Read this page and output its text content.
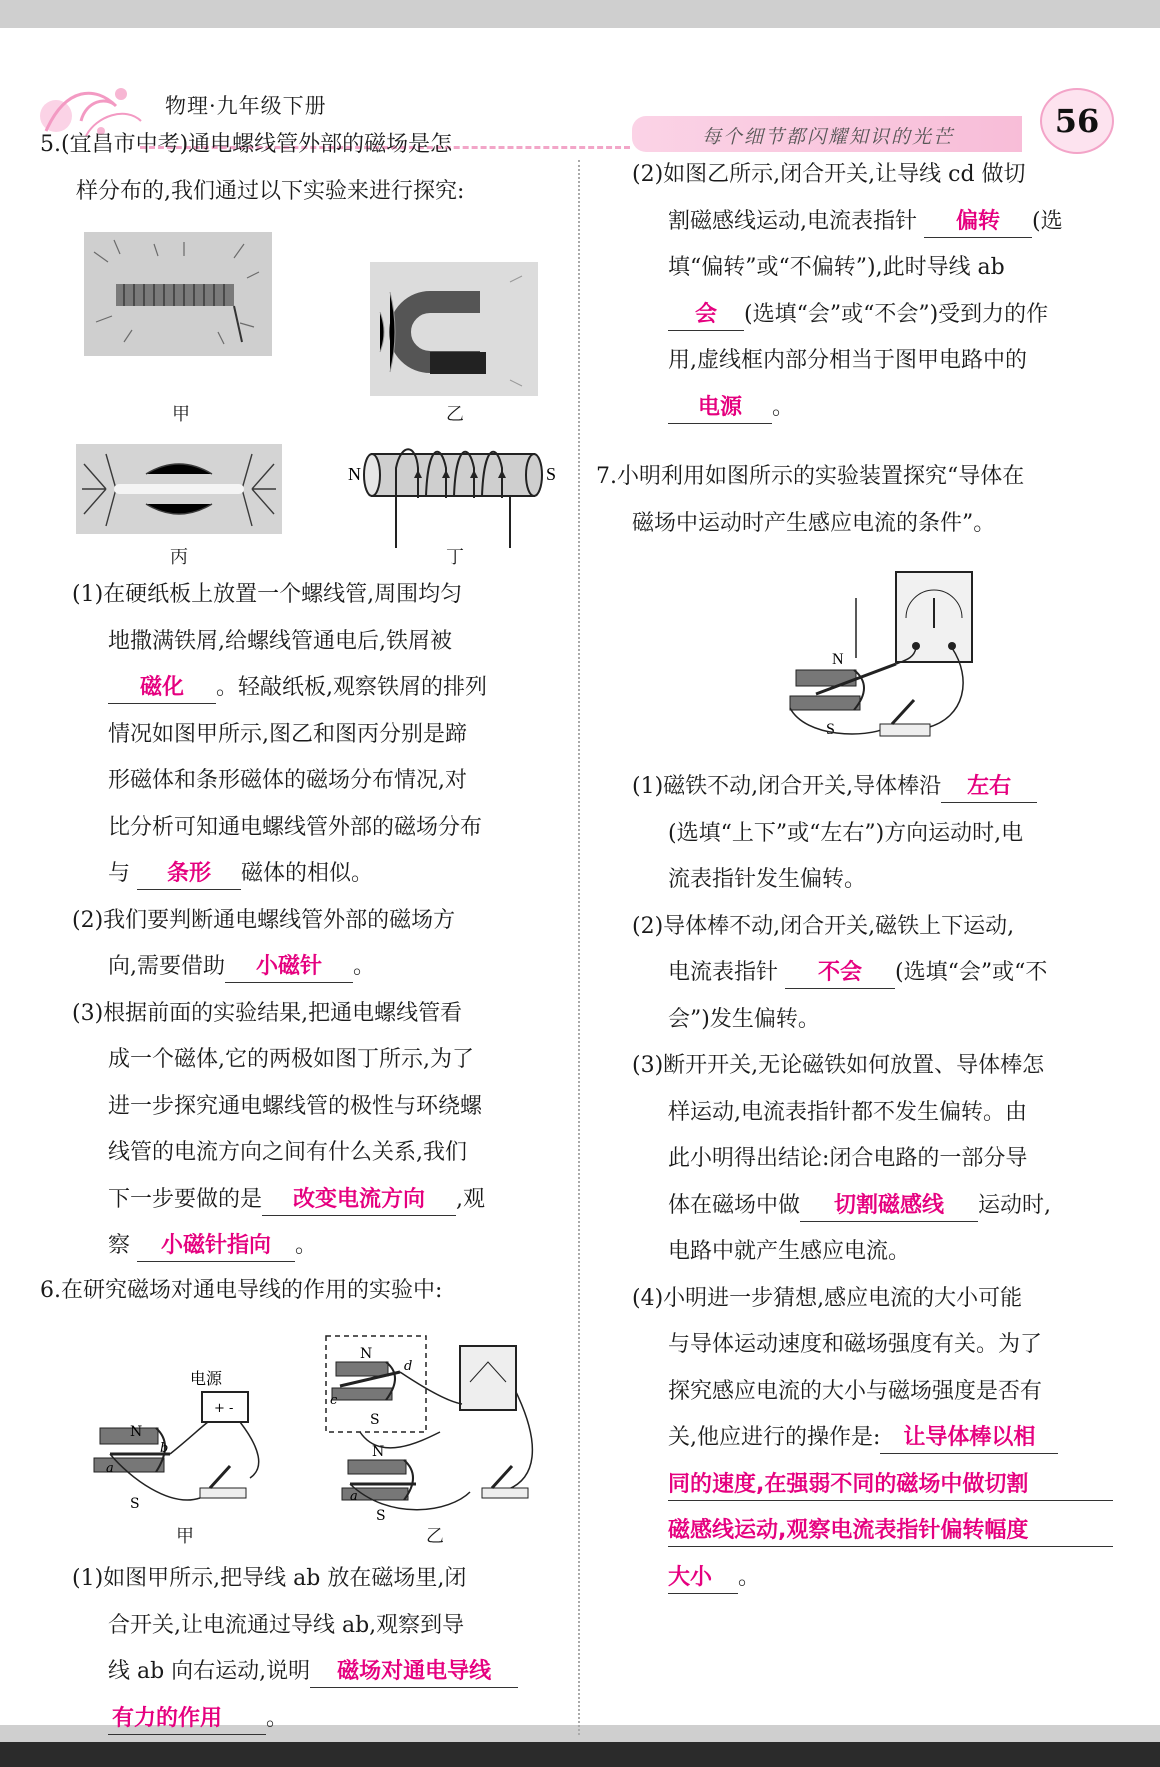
物理·九年级下册
每个细节都闪耀知识的光芒	56

5.(宜昌市中考)通电螺线管外部的磁场是怎

样分布的,我们通过以下实验来进行探究:

甲	乙
丙
N	S
丁

(1)在硬纸板上放置一个螺线管,周围均匀

地撒满铁屑,给螺线管通电后,铁屑被

磁化 。轻敲纸板,观察铁屑的排列

情况如图甲所示,图乙和图丙分别是蹄

形磁体和条形磁体的磁场分布情况,对

比分析可知通电螺线管外部的磁场分布

与 条形 磁体的相似。

(2)我们要判断通电螺线管外部的磁场方

向,需要借助 小磁针 。

(3)根据前面的实验结果,把通电螺线管看

成一个磁体,它的两极如图丁所示,为了

进一步探究通电螺线管的极性与环绕螺

线管的电流方向之间有什么关系,我们

下一步要做的是 改变电流方向 ,观

察 小磁针指向 。

6.在研究磁场对通电导线的作用的实验中:
电源
+ -
N
S
b
a
甲
N
S
d
c
N
S
a
乙

(1)如图甲所示,把导线 ab 放在磁场里,闭

合开关,让电流通过导线 ab,观察到导

线 ab 向右运动,说明 磁场对通电导线

有力的作用 。

(2)如图乙所示,闭合开关,让导线 cd 做切

割磁感线运动,电流表指针 偏转 (选

填“偏转”或“不偏转”),此时导线 ab

会 (选填“会”或“不会”)受到力的作

用,虚线框内部分相当于图甲电路中的

电源 。

7.小明利用如图所示的实验装置探究“导体在

磁场中运动时产生感应电流的条件”。

N
S

(1)磁铁不动,闭合开关,导体棒沿 左右

(选填“上下”或“左右”)方向运动时,电

流表指针发生偏转。

(2)导体棒不动,闭合开关,磁铁上下运动,

电流表指针 不会 (选填“会”或“不

会”)发生偏转。

(3)断开开关,无论磁铁如何放置、导体棒怎

样运动,电流表指针都不发生偏转。由

此小明得出结论:闭合电路的一部分导

体在磁场中做 切割磁感线 运动时,

电路中就产生感应电流。

(4)小明进一步猜想,感应电流的大小可能

与导体运动速度和磁场强度有关。为了

探究感应电流的大小与磁场强度是否有

关,他应进行的操作是: 让导体棒以相

同的速度,在强弱不同的磁场中做切割

磁感线运动,观察电流表指针偏转幅度

大小 。
